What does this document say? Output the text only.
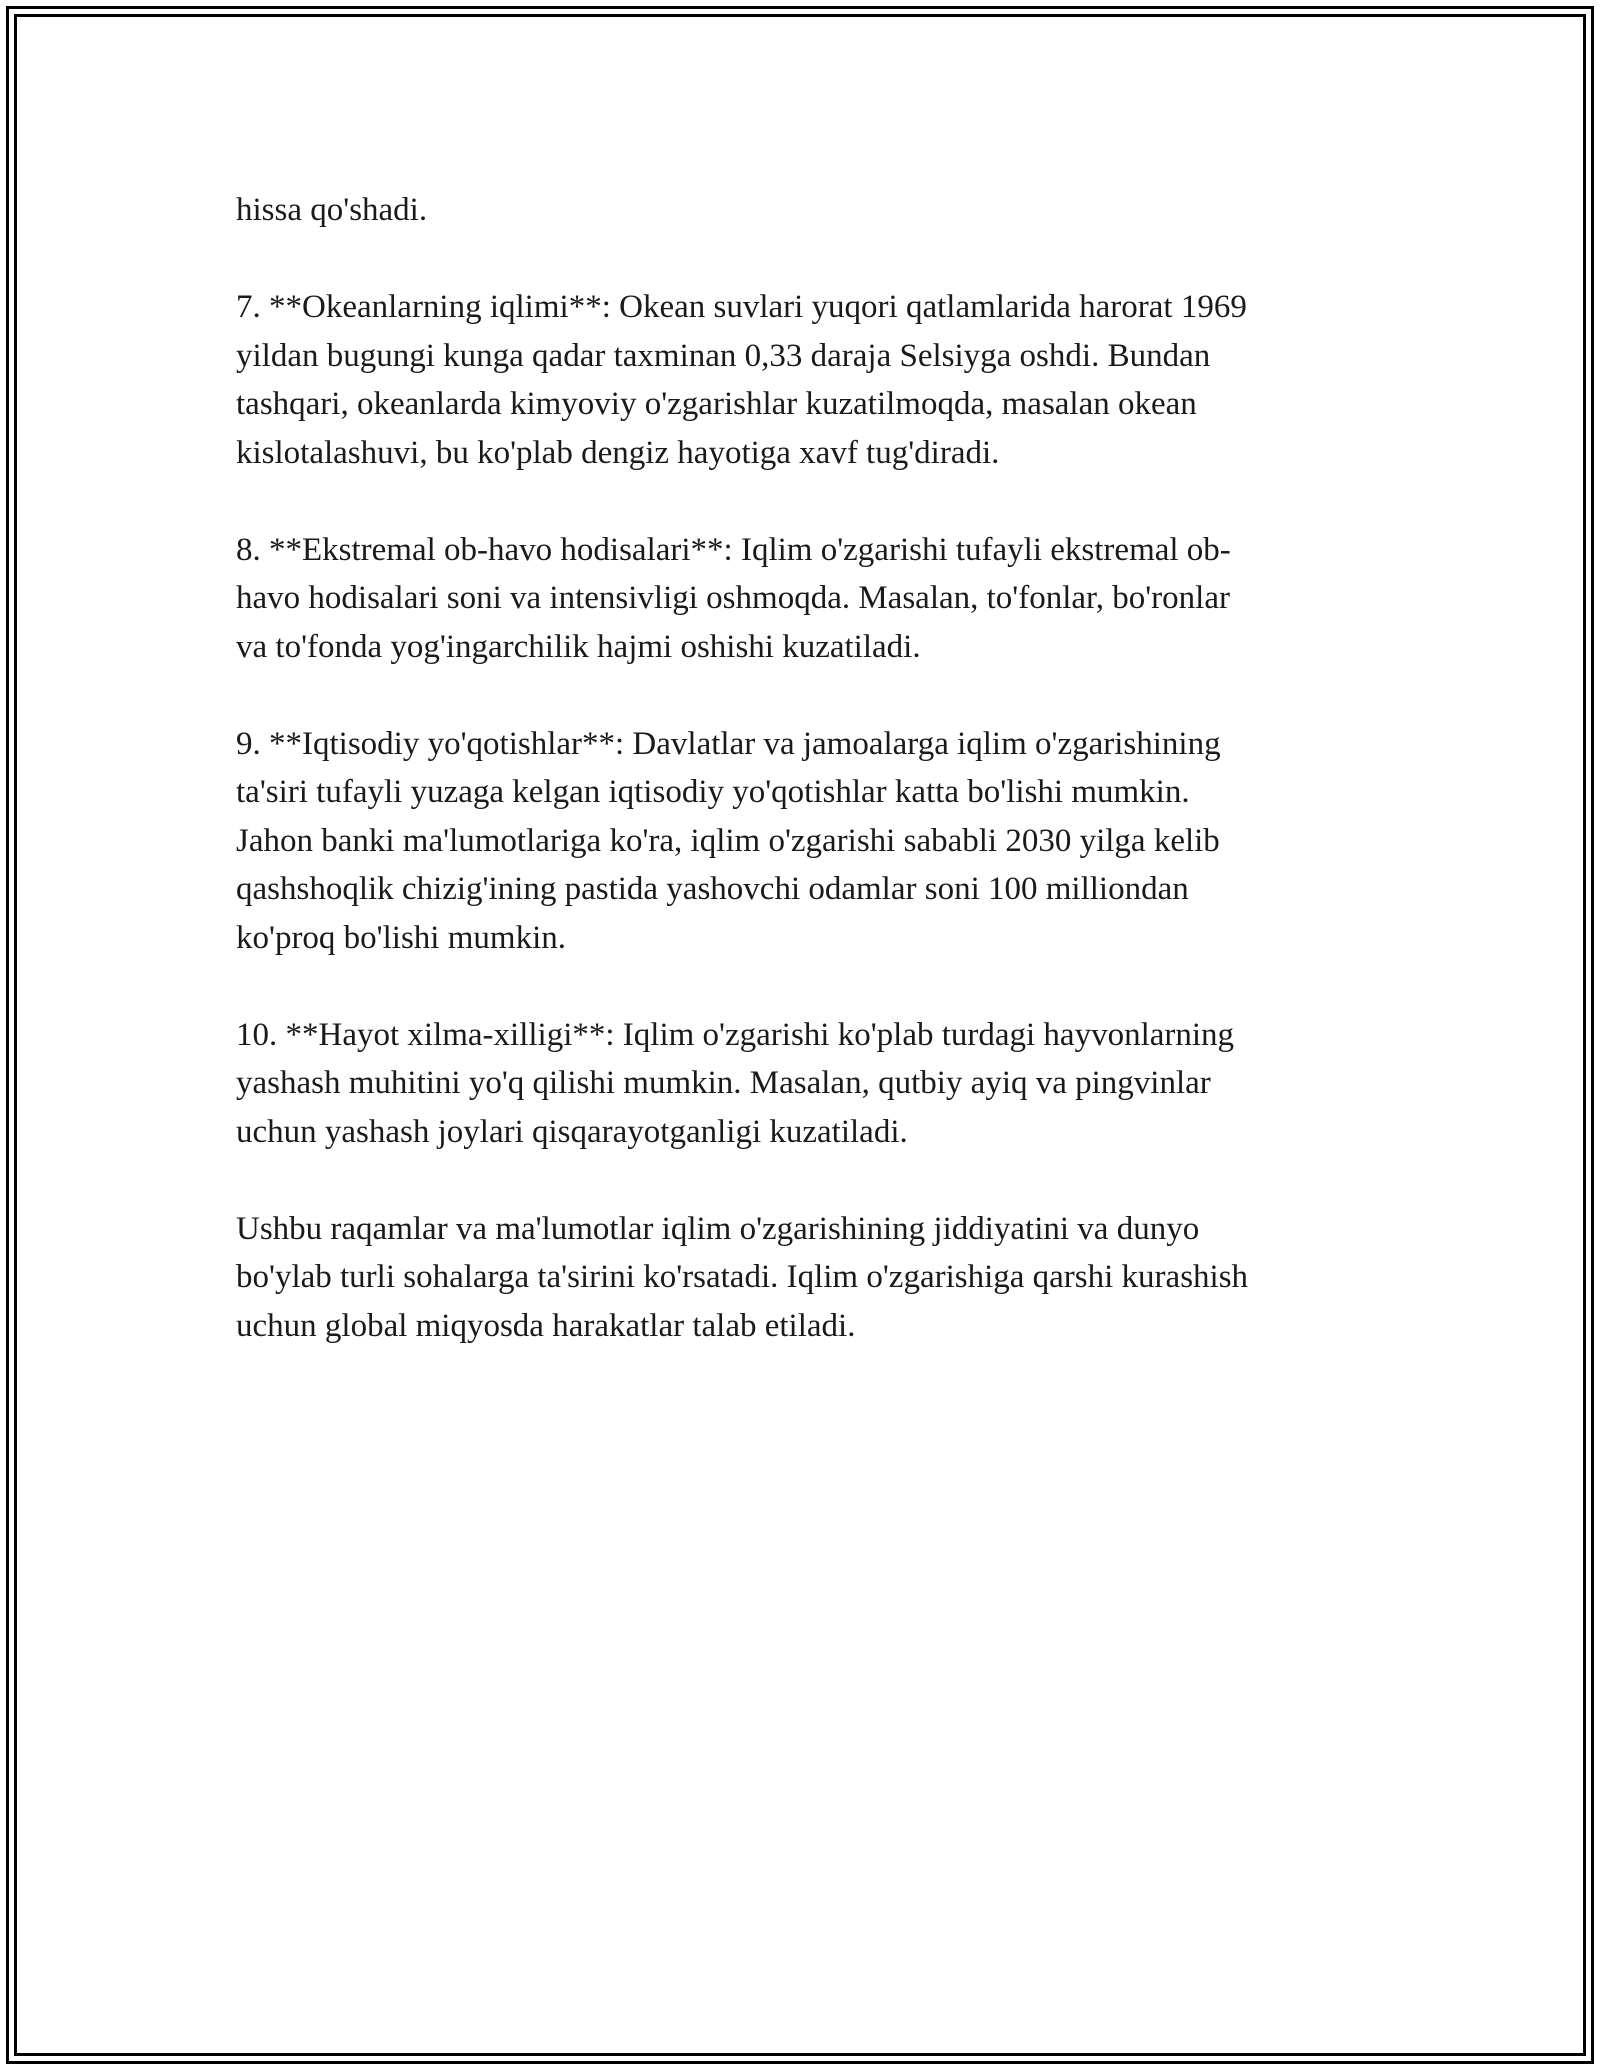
hissa qo'shadi.

7. **Okeanlarning iqlimi**: Okean suvlari yuqori qatlamlarida harorat 1969
yildan bugungi kunga qadar taxminan 0,33 daraja Selsiyga oshdi. Bundan
tashqari, okeanlarda kimyoviy o'zgarishlar kuzatilmoqda, masalan okean
kislotalashuvi, bu ko'plab dengiz hayotiga xavf tug'diradi.

8. **Ekstremal ob-havo hodisalari**: Iqlim o'zgarishi tufayli ekstremal ob-
havo hodisalari soni va intensivligi oshmoqda. Masalan, to'fonlar, bo'ronlar
va to'fonda yog'ingarchilik hajmi oshishi kuzatiladi.

9. **Iqtisodiy yo'qotishlar**: Davlatlar va jamoalarga iqlim o'zgarishining
ta'siri tufayli yuzaga kelgan iqtisodiy yo'qotishlar katta bo'lishi mumkin.
Jahon banki ma'lumotlariga ko'ra, iqlim o'zgarishi sababli 2030 yilga kelib
qashshoqlik chizig'ining pastida yashovchi odamlar soni 100 milliondan
ko'proq bo'lishi mumkin.

10. **Hayot xilma-xilligi**: Iqlim o'zgarishi ko'plab turdagi hayvonlarning
yashash muhitini yo'q qilishi mumkin. Masalan, qutbiy ayiq va pingvinlar
uchun yashash joylari qisqarayotganligi kuzatiladi.

Ushbu raqamlar va ma'lumotlar iqlim o'zgarishining jiddiyatini va dunyo
bo'ylab turli sohalarga ta'sirini ko'rsatadi. Iqlim o'zgarishiga qarshi kurashish
uchun global miqyosda harakatlar talab etiladi.
